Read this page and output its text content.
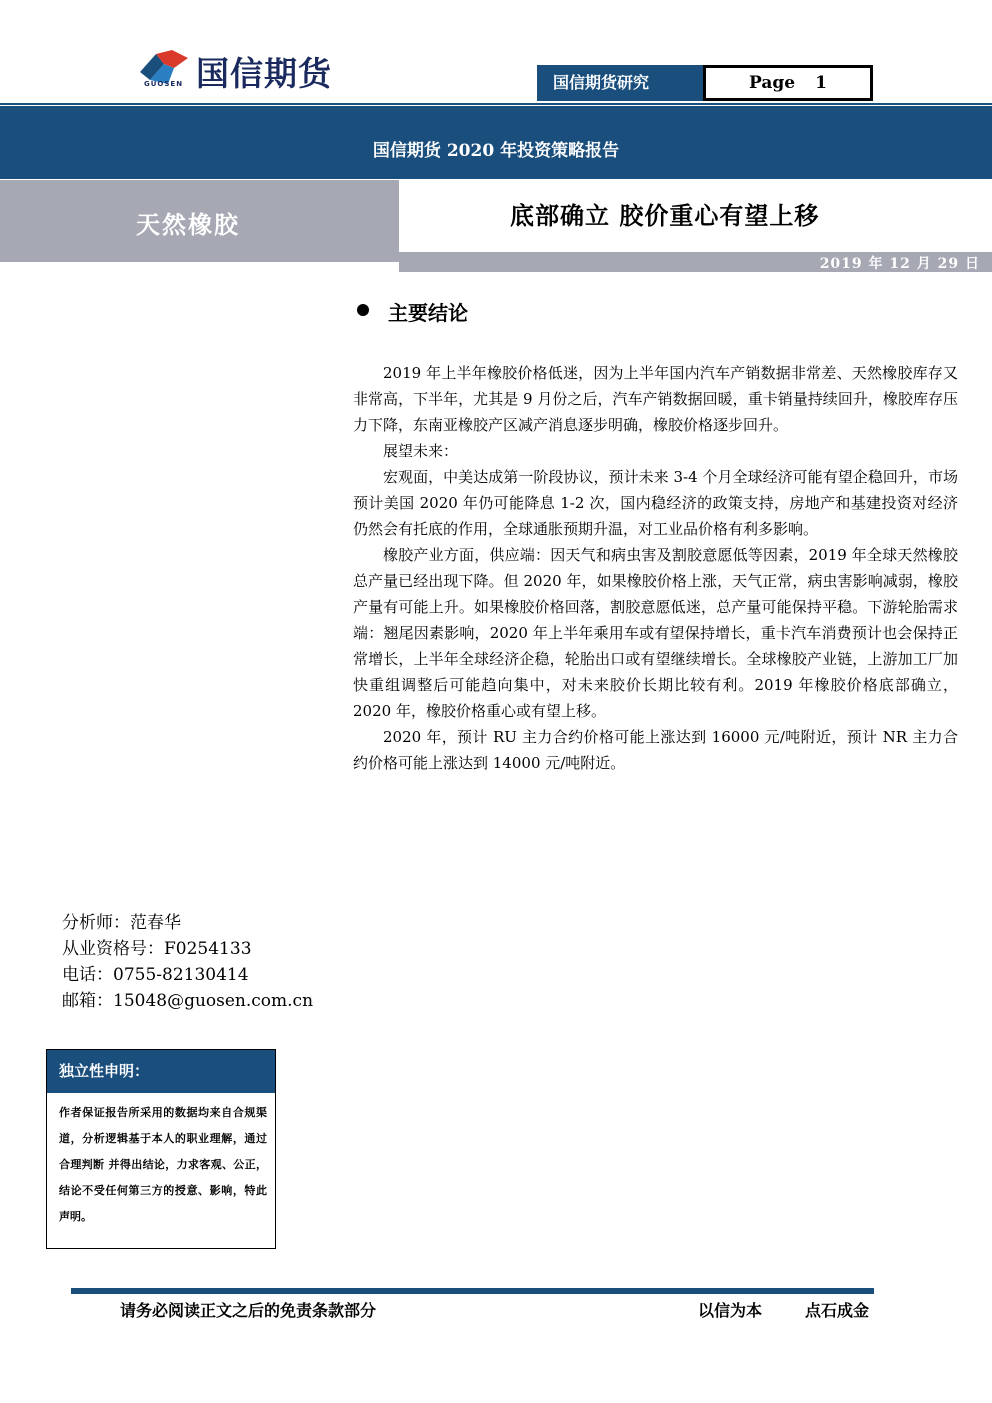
国信期货
GUOSEN	国信期货研究	Page 1
国信期货 2020 年投资策略报告
天然橡胶	底部确立 胶价重心有望上移
2019 年 12 月 29 日
主要结论

2019 年上半年橡胶价格低迷，因为上半年国内汽车产销数据非常差、天然橡胶库存又非常高，下半年，尤其是 9 月份之后，汽车产销数据回暖，重卡销量持续回升，橡胶库存压力下降，东南亚橡胶产区减产消息逐步明确，橡胶价格逐步回升。

展望未来：

宏观面，中美达成第一阶段协议，预计未来 3-4 个月全球经济可能有望企稳回升，市场预计美国 2020 年仍可能降息 1-2 次，国内稳经济的政策支持，房地产和基建投资对经济仍然会有托底的作用，全球通胀预期升温，对工业品价格有利多影响。

橡胶产业方面，供应端：因天气和病虫害及割胶意愿低等因素，2019 年全球天然橡胶总产量已经出现下降。但 2020 年，如果橡胶价格上涨，天气正常，病虫害影响减弱，橡胶产量有可能上升。如果橡胶价格回落，割胶意愿低迷，总产量可能保持平稳。下游轮胎需求端：翘尾因素影响，2020 年上半年乘用车或有望保持增长，重卡汽车消费预计也会保持正常增长，上半年全球经济企稳，轮胎出口或有望继续增长。全球橡胶产业链，上游加工厂加快重组调整后可能趋向集中，对未来胶价长期比较有利。2019 年橡胶价格底部确立，2020 年，橡胶价格重心或有望上移。

2020 年，预计 RU 主力合约价格可能上涨达到 16000 元/吨附近，预计 NR 主力合约价格可能上涨达到 14000 元/吨附近。

分析师：范春华
从业资格号：F0254133
电话：0755-82130414
邮箱：15048@guosen.com.cn
独立性申明：
作者保证报告所采用的数据均来自合规渠道，分析逻辑基于本人的职业理解，通过合理判断 并得出结论，力求客观、公正，结论不受任何第三方的授意、影响，特此声明。
请务必阅读正文之后的免责条款部分	以信为本	点石成金
